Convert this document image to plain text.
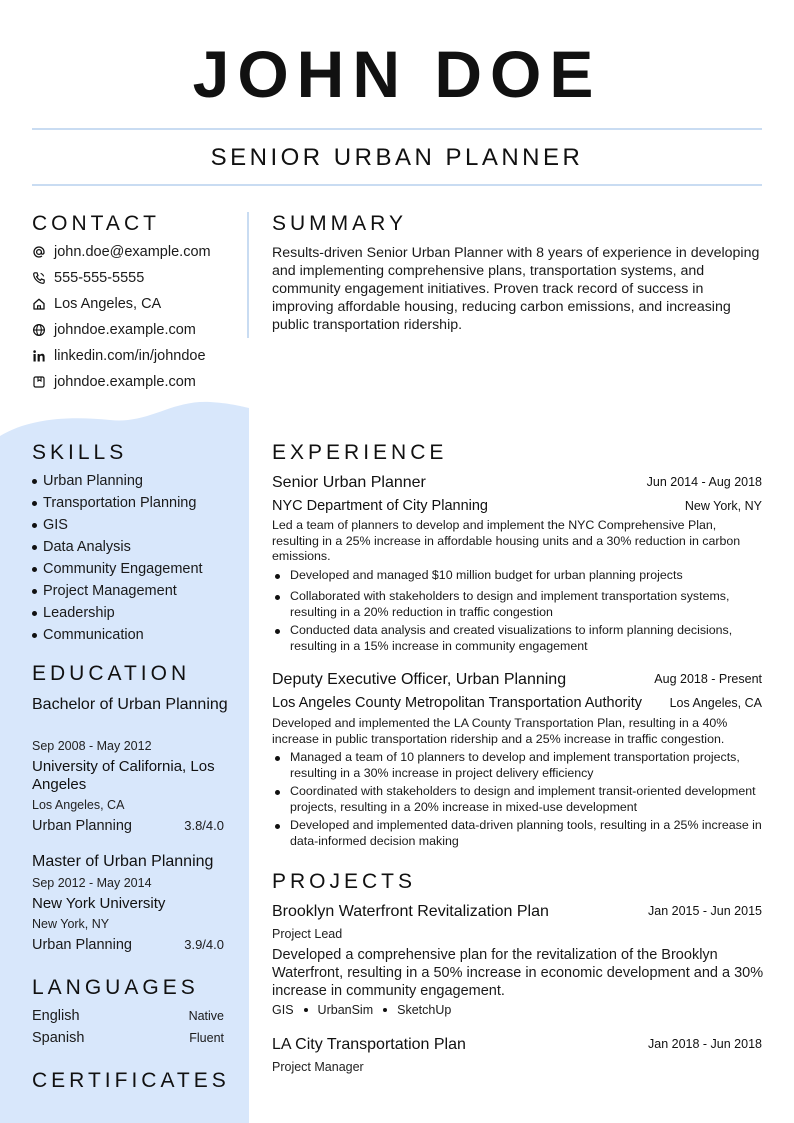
JOHN DOE
SENIOR URBAN PLANNER
CONTACT
john.doe@example.com
555-555-5555
Los Angeles, CA
johndoe.example.com
linkedin.com/in/johndoe
johndoe.example.com
SUMMARY
Results-driven Senior Urban Planner with 8 years of experience in developing and implementing comprehensive plans, transportation systems, and community engagement initiatives. Proven track record of success in improving affordable housing, reducing carbon emissions, and increasing public transportation ridership.
SKILLS
Urban Planning
Transportation Planning
GIS
Data Analysis
Community Engagement
Project Management
Leadership
Communication
EDUCATION
Bachelor of Urban Planning
Sep 2008 - May 2012
University of California, Los Angeles
Los Angeles, CA
Urban Planning	3.8/4.0
Master of Urban Planning
Sep 2012 - May 2014
New York University
New York, NY
Urban Planning	3.9/4.0
LANGUAGES
English	Native
Spanish	Fluent
CERTIFICATES
EXPERIENCE
Senior Urban Planner	Jun 2014 - Aug 2018
NYC Department of City Planning	New York, NY
Led a team of planners to develop and implement the NYC Comprehensive Plan, resulting in a 25% increase in affordable housing units and a 30% reduction in carbon emissions.
Developed and managed $10 million budget for urban planning projects
Collaborated with stakeholders to design and implement transportation systems, resulting in a 20% reduction in traffic congestion
Conducted data analysis and created visualizations to inform planning decisions, resulting in a 15% increase in community engagement
Deputy Executive Officer, Urban Planning	Aug 2018 - Present
Los Angeles County Metropolitan Transportation Authority Los Angeles, CA
Developed and implemented the LA County Transportation Plan, resulting in a 40% increase in public transportation ridership and a 25% increase in traffic congestion.
Managed a team of 10 planners to develop and implement transportation projects, resulting in a 30% increase in project delivery efficiency
Coordinated with stakeholders to design and implement transit-oriented development projects, resulting in a 20% increase in mixed-use development
Developed and implemented data-driven planning tools, resulting in a 25% increase in data-informed decision making
PROJECTS
Brooklyn Waterfront Revitalization Plan	Jan 2015 - Jun 2015
Project Lead
Developed a comprehensive plan for the revitalization of the Brooklyn Waterfront, resulting in a 50% increase in economic development and a 30% increase in community engagement.
GIS UrbanSim SketchUp
LA City Transportation Plan	Jan 2018 - Jun 2018
Project Manager
